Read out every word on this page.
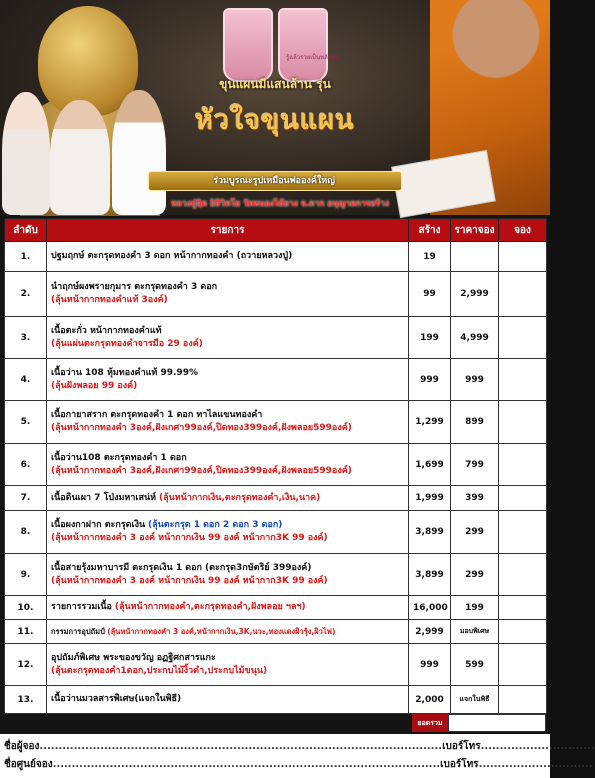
รู้แล้วรวยเป็นหลักพัน
ขุนแผนมีแสนล้าน รุ่น
หัวใจขุนแผน
ร่วมบูรณะรูปเหมือนพ่อองค์ใหญ่
หลวงปู่ฤิต อิสิวิทโย วัดหนองไม้ยาง จ.ตาก อนุญาตการสร้าง
ลำดับ	รายการ	สร้าง	ราคาจอง	จอง
1.	ปฐมฤกษ์ ตะกรุดทองคำ 3 ดอก หน้ากากทองคำ (ถวายหลวงปู่)	19		
2.	นำฤกษ์ผงพรายกุมาร ตะกรุดทองคำ 3 ดอก
(ลุ้นหน้ากากทองคำแท้ 3องค์)	99	2,999	
3.	เนื้อตะกั่ว หน้ากากทองคำแท้
(ลุ้นแผ่นตะกรุดทองคำจารมือ 29 องค์)	199	4,999	
4.	เนื้อว่าน 108 หุ้มทองคำแท้ 99.99%
(ลุ้นฝังพลอย 99 องค์)	999	999	
5.	เนื้อกายาสราก ตะกรุดทองคำ 1 ดอก ทาไลแขนทองคำ
(ลุ้นหน้ากากทองคำ 3องค์,ฝังเกศา99องค์,ปิดทอง399องค์,ฝังพลอย599องค์)	1,299	899	
6.	เนื้อว่าน108 ตะกรุดทองคำ 1 ดอก
(ลุ้นหน้ากากทองคำ 3องค์,ฝังเกศา99องค์,ปิดทอง399องค์,ฝังพลอย599องค์)	1,699	799	
7.	เนื้อดินเผา 7 โป่งมหาเสน่ห์ (ลุ้นหน้ากากเงิน,ตะกรุดทองคำ,เงิน,นาค)	1,999	399	
8.	เนื้อผงกาฝาก ตะกรุดเงิน (ลุ้นตะกรุด 1 ดอก 2 ดอก 3 ดอก)
(ลุ้นหน้ากากทองคำ 3 องค์ หน้ากากเงิน 99 องค์ หน้ากาก3K 99 องค์)	3,899	299	
9.	เนื้อสายรุ้งมหาบารมี ตะกรุดเงิน 1 ดอก (ตะกรุด3กษัตริย์ 399องค์)
(ลุ้นหน้ากากทองคำ 3 องค์ หน้ากากเงิน 99 องค์ หน้ากาก3K 99 องค์)	3,899	299	
10.	รายการรวมเนื้อ (ลุ้นหน้ากากทองคำ,ตะกรุดทองคำ,ฝังพลอย ฯลฯ)	16,000	199	
11.	กรรมการอุปถัมป์ (ลุ้นหน้ากากทองคำ 3 องค์,หน้ากากเงิน,3K,นวะ,ทองแดงผิวรุ้ง,ผิวไฟ)	2,999	มอบพิเศษ	
12.	อุปถัมภ์พิเศษ พระของขวัญ อฏฐิศกสารแกะ
(ลุ้นตะกรุดทองคำ1ดอก,ประกบไม้งิ้วดำ,ประกบไม้ขนุน)	999	599	
13.	เนื้อว่านมวลสารพิเศษ(แจกในพิธี)	2,000	แจกในพิธี	
ยอดรวม
ชื่อผู้จอง..........................................................................................................เบอร์โทร..............................
ชื่อศูนย์จอง......................................................................................................เบอร์โทร..............................
